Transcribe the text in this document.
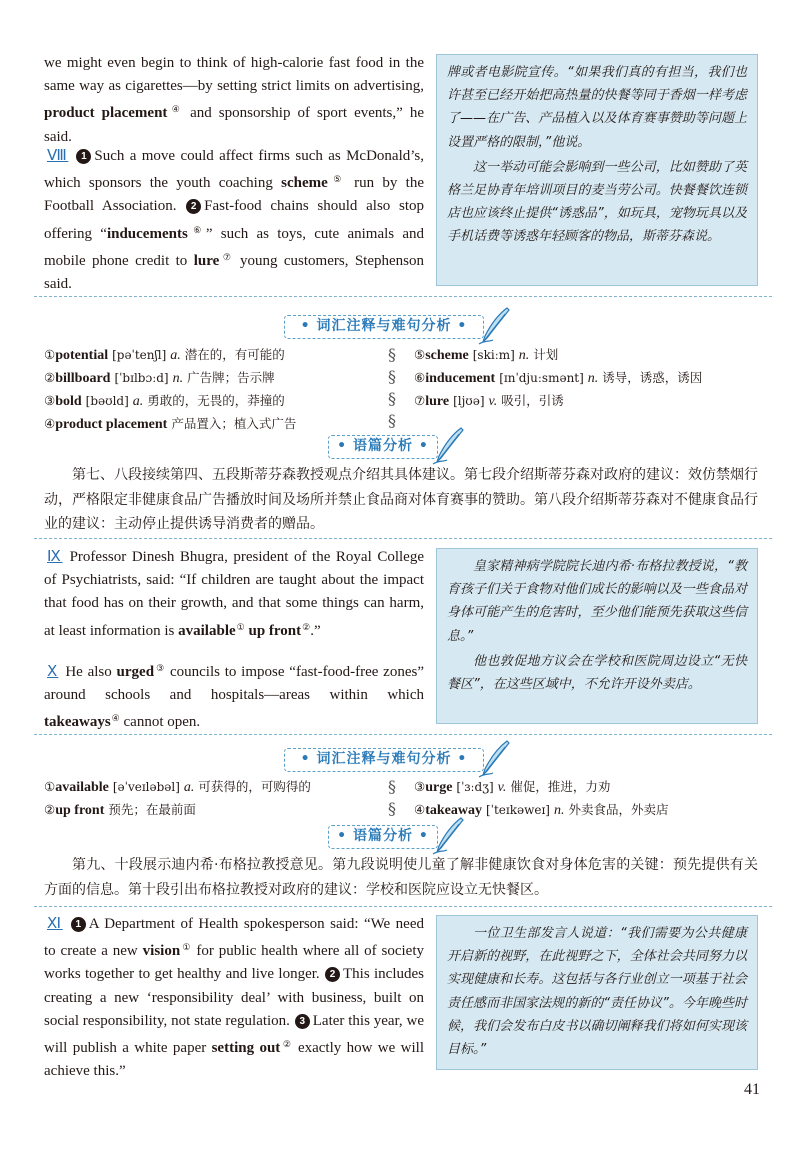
we might even begin to think of high-calorie fast food in the same way as cigarettes—by setting strict limits on advertising, product placement④ and sponsorship of sport events,” he said.
Ⅷ 1 Such a move could affect firms such as McDonald’s, which sponsors the youth coaching scheme⑤ run by the Football Association. 2 Fast-food chains should also stop offering “inducements⑥” such as toys, cute animals and mobile phone credit to lure⑦ young customers, Stephenson said.

牌或者电影院宣传。“如果我们真的有担当，我们也许甚至已经开始把高热量的快餐等同于香烟一样考虑了——在广告、产品植入以及体育赛事赞助等问题上设置严格的限制，”他说。

这一举动可能会影响到一些公司，比如赞助了英格兰足协青年培训项目的麦当劳公司。快餐餐饮连锁店也应该终止提供“诱惑品”，如玩具，宠物玩具以及手机话费等诱惑年轻顾客的物品，斯蒂芬森说。

• 词汇注释与难句分析 •
①potential [pəˈtenʃl] a. 潜在的，有可能的
②billboard [ˈbɪlbɔːd] n. 广告牌；告示牌
③bold [bəʊld] a. 勇敢的，无畏的，莽撞的
④product placement 产品置入；植入式广告
§
§
§
§
⑤scheme [skiːm] n. 计划
⑥inducement [ɪnˈdjuːsmənt] n. 诱导，诱惑，诱因
⑦lure [ljʊə] v. 吸引，引诱
• 语篇分析 •
第七、八段接续第四、五段斯蒂芬森教授观点介绍其具体建议。第七段介绍斯蒂芬森对政府的建议：效仿禁烟行动，严格限定非健康食品广告播放时间及场所并禁止食品商对体育赛事的赞助。第八段介绍斯蒂芬森对不健康食品行业的建议：主动停止提供诱导消费者的赠品。
Ⅸ Professor Dinesh Bhugra, president of the Royal College of Psychiatrists, said: “If children are taught about the impact that food has on their growth, and that some things can harm, at least information is available① up front②.”
Ⅹ He also urged③ councils to impose “fast-food-free zones” around schools and hospitals—areas within which takeaways④ cannot open.

皇家精神病学院院长迪内希·布格拉教授说，“教育孩子们关于食物对他们成长的影响以及一些食品对身体可能产生的危害时，至少他们能预先获取这些信息。”

他也敦促地方议会在学校和医院周边设立“无快餐区”，在这些区域中，不允许开设外卖店。

• 词汇注释与难句分析 •
①available [əˈveɪləbəl] a. 可获得的，可购得的
②up front 预先；在最前面
§
§
③urge [ˈɜːdʒ] v. 催促，推进，力劝
④takeaway [ˈteɪkəweɪ] n. 外卖食品，外卖店
• 语篇分析 •
第九、十段展示迪内希·布格拉教授意见。第九段说明使儿童了解非健康饮食对身体危害的关键：预先提供有关方面的信息。第十段引出布格拉教授对政府的建议：学校和医院应设立无快餐区。
Ⅺ 1 A Department of Health spokesperson said: “We need to create a new vision① for public health where all of society works together to get healthy and live longer. 2 This includes creating a new ‘responsibility deal’ with business, built on social responsibility, not state regulation. 3 Later this year, we will publish a white paper setting out② exactly how we will achieve this.”

一位卫生部发言人说道：“我们需要为公共健康开启新的视野，在此视野之下，全体社会共同努力以实现健康和长寿。这包括与各行业创立一项基于社会责任感而非国家法规的新的“责任协议”。今年晚些时候，我们会发布白皮书以确切阐释我们将如何实现该目标。”

41
